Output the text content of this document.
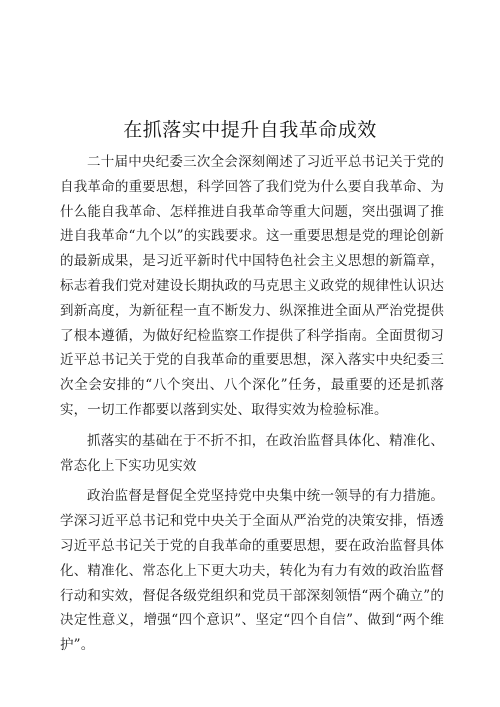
在抓落实中提升自我革命成效

二十届中央纪委三次全会深刻阐述了习近平总书记关于党的自我革命的重要思想，科学回答了我们党为什么要自我革命、为什么能自我革命、怎样推进自我革命等重大问题，突出强调了推进自我革命“九个以”的实践要求。这一重要思想是党的理论创新的最新成果，是习近平新时代中国特色社会主义思想的新篇章，标志着我们党对建设长期执政的马克思主义政党的规律性认识达到新高度，为新征程一直不断发力、纵深推进全面从严治党提供了根本遵循，为做好纪检监察工作提供了科学指南。全面贯彻习近平总书记关于党的自我革命的重要思想，深入落实中央纪委三次全会安排的“八个突出、八个深化”任务，最重要的还是抓落实，一切工作都要以落到实处、取得实效为检验标准。

抓落实的基础在于不折不扣，在政治监督具体化、精准化、常态化上下实功见实效

政治监督是督促全党坚持党中央集中统一领导的有力措施。学深习近平总书记和党中央关于全面从严治党的决策安排，悟透习近平总书记关于党的自我革命的重要思想，要在政治监督具体化、精准化、常态化上下更大功夫，转化为有力有效的政治监督行动和实效，督促各级党组织和党员干部深刻领悟“两个确立”的决定性意义，增强“四个意识”、坚定“四个自信”、做到“两个维护”。
